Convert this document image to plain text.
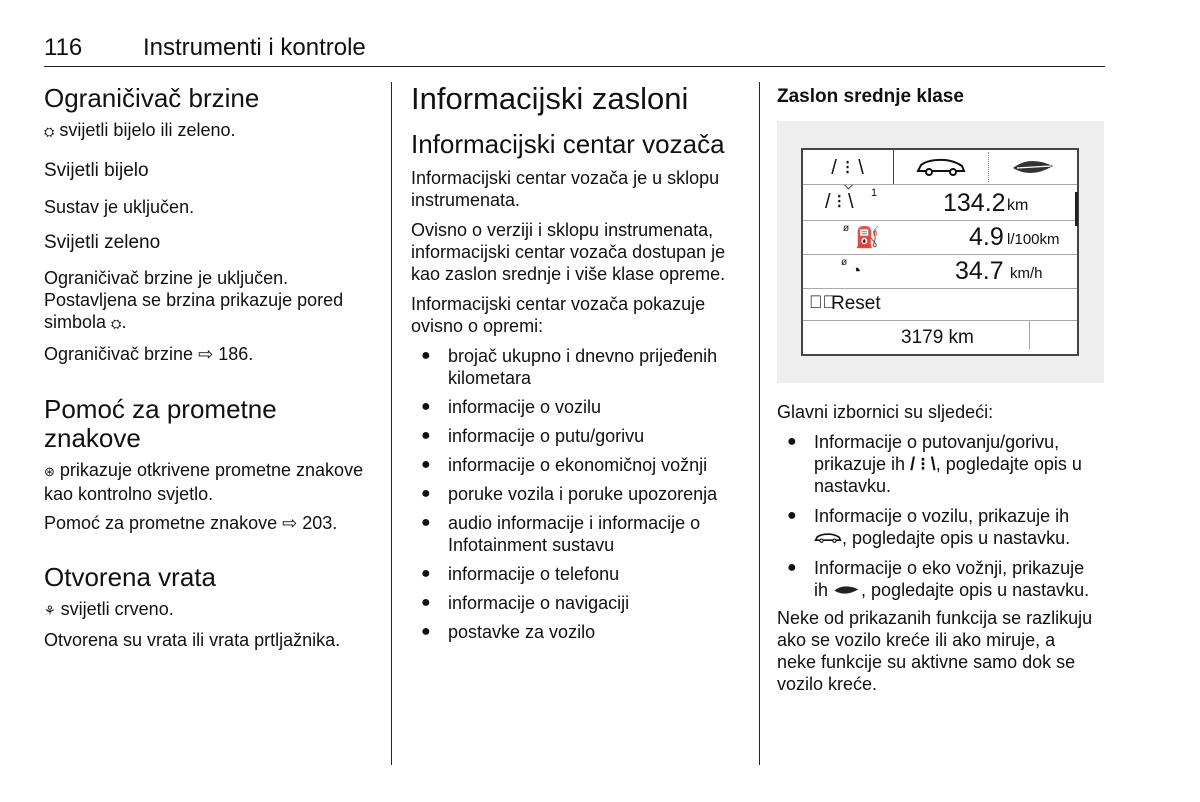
116	Instrumenti i kontrole
Ograničivač brzine

⛭ svijetli bijelo ili zeleno.

Svijetli bijelo

Sustav je uključen.

Svijetli zeleno

Ograničivač brzine je uključen. Postavljena se brzina prikazuje pored simbola ⛭.

Ograničivač brzine ⇨ 186.

Pomoć za prometne znakove

⊛ prikazuje otkrivene prometne znakove kao kontrolno svjetlo.

Pomoć za prometne znakove ⇨ 203.

Otvorena vrata

⚘ svijetli crveno.

Otvorena su vrata ili vrata prtljažnika.

Informacijski zasloni
Informacijski centar vozača

Informacijski centar vozača je u sklopu instrumenata.

Ovisno o verziji i sklopu instrumenata, informacijski centar vozača dostupan je kao zaslon srednje i više klase opreme.

Informacijski centar vozača pokazuje ovisno o opremi:

● brojač ukupno i dnevno prijeđenih kilometara
● informacije o vozilu
● informacije o putu/gorivu
● informacije o ekonomičnoj vožnji
● poruke vozila i poruke upozorenja
● audio informacije i informacije o Infotainment sustavu
● informacije o telefonu
● informacije o navigaciji
● postavke za vozilo
Zaslon srednje klase
/ ⁝ \
/ ⁝ \ 1	134.2 km
ø ⛽	4.9 l/100km
ø ◔	34.7 km/h
✓⃝
Reset
3179 km

Glavni izbornici su sljedeći:

● Informacije o putovanju/gorivu, prikazuje ih / ⁝ \, pogledajte opis u nastavku.
● Informacije o vozilu, prikazuje ih , pogledajte opis u nastavku.
● Informacije o eko vožnji, prikazuje ih , pogledajte opis u nastavku.

Neke od prikazanih funkcija se razlikuju ako se vozilo kreće ili ako miruje, a neke funkcije su aktivne samo dok se vozilo kreće.
